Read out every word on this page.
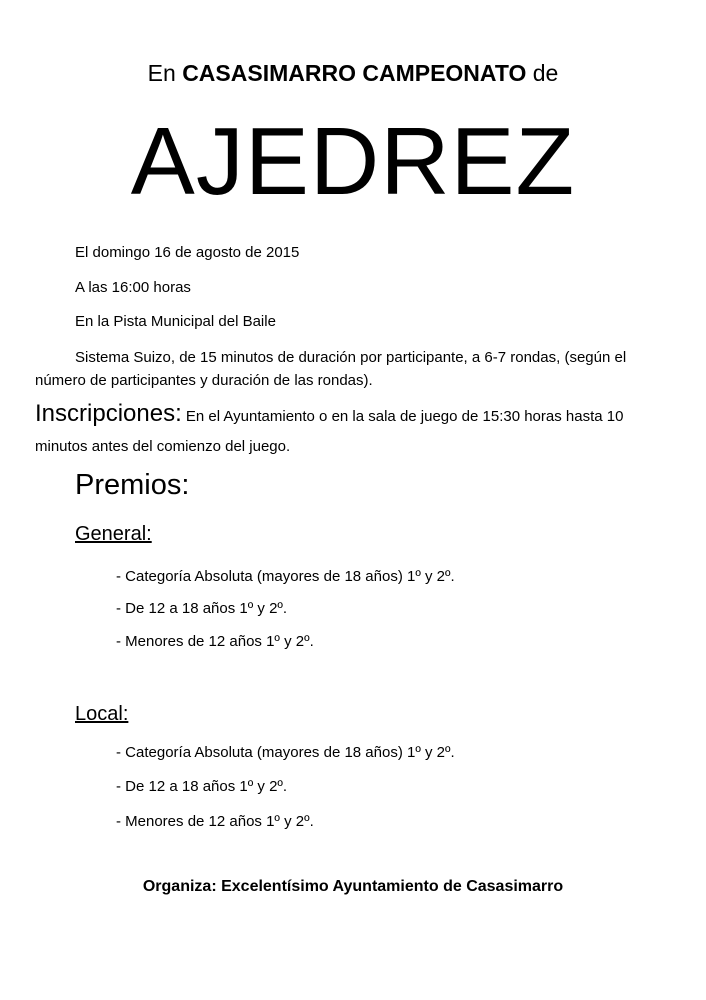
En CASASIMARRO CAMPEONATO de
AJEDREZ
El domingo 16 de agosto de 2015
A las 16:00 horas
En la Pista Municipal del Baile
Sistema Suizo, de 15 minutos de duración por participante, a 6-7 rondas, (según el número de participantes y duración de las rondas).
Inscripciones: En el Ayuntamiento o en la sala de juego de 15:30 horas hasta 10 minutos antes del comienzo del juego.
Premios:
General:
- Categoría Absoluta (mayores de 18 años) 1º y 2º.
- De 12 a 18 años 1º y 2º.
- Menores de 12 años 1º y 2º.
Local:
- Categoría Absoluta (mayores de 18 años) 1º y 2º.
- De 12 a 18 años 1º y 2º.
- Menores de 12 años 1º y 2º.
Organiza: Excelentísimo Ayuntamiento de Casasimarro
